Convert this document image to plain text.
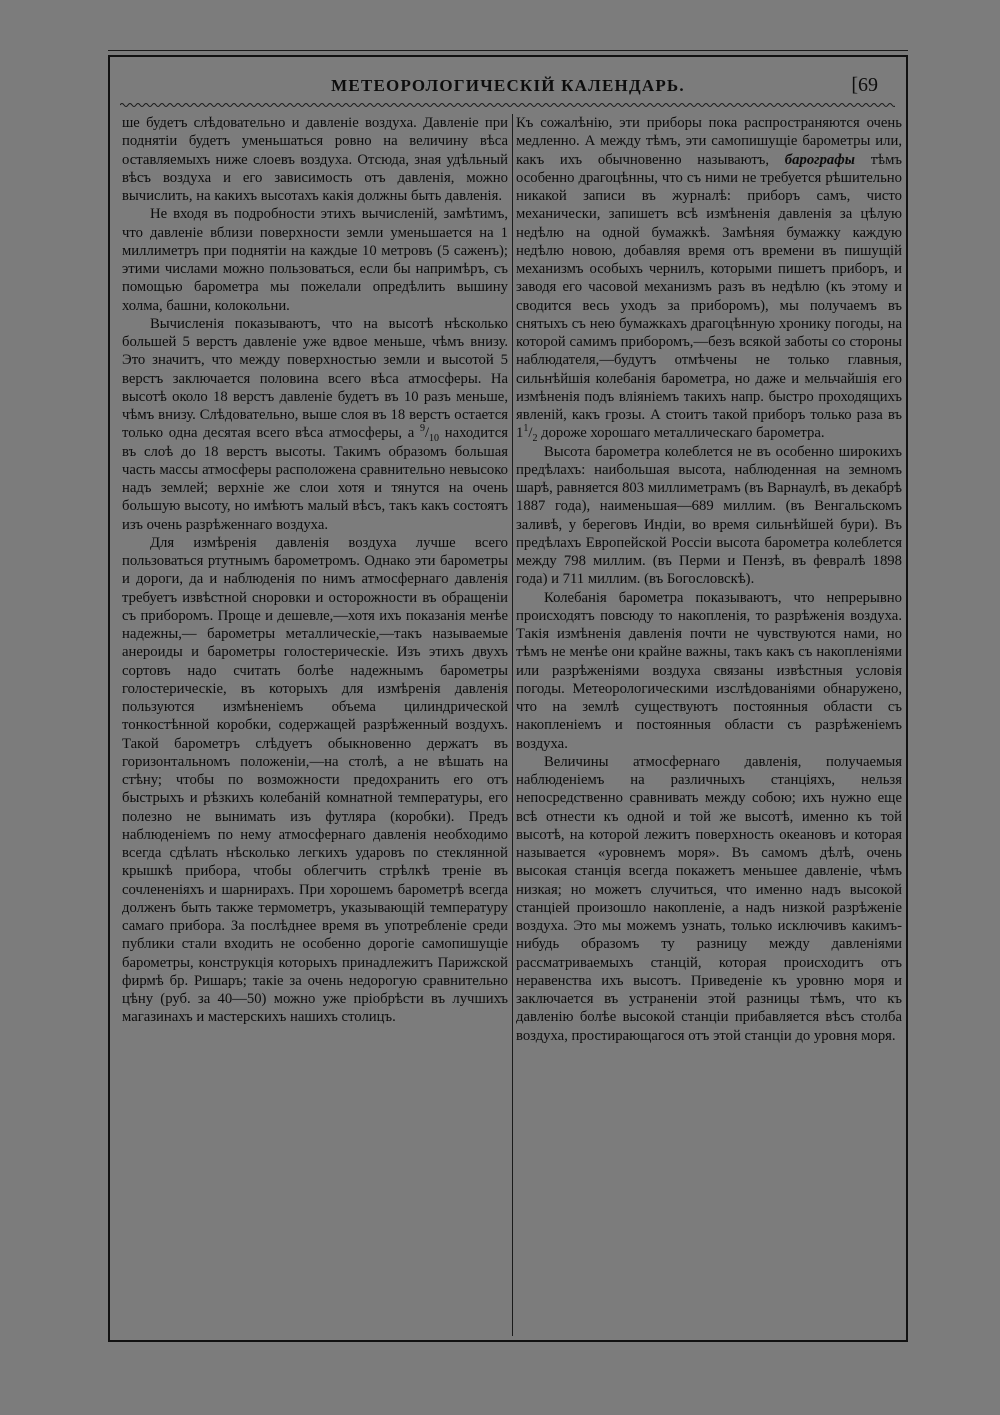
МЕТЕОРОЛОГИЧЕСКІЙ КАЛЕНДАРЬ.	[69

ше будетъ слѣдовательно и давленіе воздуха. Давленіе при поднятіи будетъ уменьшаться ровно на величину вѣса оставляемыхъ ниже слоевъ воздуха. Отсюда, зная удѣльный вѣсъ воздуха и его зависимость отъ давленія, можно вычислить, на какихъ высотахъ какія должны быть давленія.

Не входя въ подробности этихъ вычисленій, замѣтимъ, что давленіе вблизи поверхности земли уменьшается на 1 миллиметръ при поднятіи на каждые 10 метровъ (5 саженъ); этими числами можно пользоваться, если бы напримѣръ, съ помощью барометра мы пожелали опредѣлить вышину холма, башни, колокольни.

Вычисленія показываютъ, что на высотѣ нѣсколько большей 5 верстъ давленіе уже вдвое меньше, чѣмъ внизу. Это значитъ, что между поверхностью земли и высотой 5 верстъ заключается половина всего вѣса атмосферы. На высотѣ около 18 верстъ давленіе будетъ въ 10 разъ меньше, чѣмъ внизу. Слѣдовательно, выше слоя въ 18 верстъ остается только одна десятая всего вѣса атмосферы, а $^9/_{10}$ находится въ слоѣ до 18 верстъ высоты. Такимъ образомъ большая часть массы атмосферы расположена сравнительно невысоко надъ землей; верхніе же слои хотя и тянутся на очень большую высоту, но имѣютъ малый вѣсъ, такъ какъ состоятъ изъ очень разрѣженнаго воздуха.

Для измѣренія давленія воздуха лучше всего пользоваться ртутнымъ барометромъ. Однако эти барометры и дороги, да и наблюденія по нимъ атмосфернаго давленія требуетъ извѣстной сноровки и осторожности въ обращеніи съ приборомъ. Проще и дешевле,—хотя ихъ показанія менѣе надежны,— барометры металлическіе,—такъ называемые анероиды и барометры голостерическіе. Изъ этихъ двухъ сортовъ надо считать болѣе надежнымъ барометры голостерическіе, въ которыхъ для измѣренія давленія пользуются измѣненіемъ объема цилиндрической тонкостѣнной коробки, содержащей разрѣженный воздухъ. Такой барометръ слѣдуетъ обыкновенно держатъ въ горизонтальномъ положеніи,—на столѣ, а не вѣшать на стѣну; чтобы по возможности предохранить его отъ быстрыхъ и рѣзкихъ колебаній комнатной температуры, его полезно не вынимать изъ футляра (коробки). Предъ наблюденіемъ по нему атмосфернаго давленія необходимо всегда сдѣлать нѣсколько легкихъ ударовъ по стеклянной крышкѣ прибора, чтобы облегчить стрѣлкѣ треніе въ сочлененіяхъ и шарнирахъ. При хорошемъ барометрѣ всегда долженъ быть также термометръ, указывающій температуру самаго прибора. За послѣднее время въ употребленіе среди публики стали входить не особенно дорогіе самопишущіе барометры, конструкція которыхъ принадлежитъ Парижской фирмѣ бр. Ришаръ; такіе за очень недорогую сравнительно цѣну (руб. за 40—50) можно уже пріобрѣсти въ лучшихъ магазинахъ и мастерскихъ нашихъ столицъ.

Къ сожалѣнію, эти приборы пока распространяются очень медленно. А между тѣмъ, эти самопишущіе барометры или, какъ ихъ обычновенно называютъ, барографы тѣмъ особенно драгоцѣнны, что съ ними не требуется рѣшительно никакой записи въ журналѣ: приборъ самъ, чисто механически, запишетъ всѣ измѣненія давленія за цѣлую недѣлю на одной бумажкѣ. Замѣняя бумажку каждую недѣлю новою, добавляя время отъ времени въ пишущій механизмъ особыхъ чернилъ, которыми пишетъ приборъ, и заводя его часовой механизмъ разъ въ недѣлю (къ этому и сводится весь уходъ за приборомъ), мы получаемъ въ снятыхъ съ нею бумажкахъ драгоцѣнную хронику погоды, на которой самимъ приборомъ,—безъ всякой заботы со стороны наблюдателя,—будутъ отмѣчены не только главныя, сильнѣйшія колебанія барометра, но даже и мельчайшія его измѣненія подъ вліяніемъ такихъ напр. быстро проходящихъ явленій, какъ грозы. А стоитъ такой приборъ только раза въ $1^1/_2$ дороже хорошаго металлическаго барометра.

Высота барометра колеблется не въ особенно широкихъ предѣлахъ: наибольшая высота, наблюденная на земномъ шарѣ, равняется 803 миллиметрамъ (въ Варнаулѣ, въ декабрѣ 1887 года), наименьшая—689 миллим. (въ Венгальскомъ заливѣ, у береговъ Индіи, во время сильнѣйшей бури). Въ предѣлахъ Европейской Россіи высота барометра колеблется между 798 миллим. (въ Перми и Пензѣ, въ февралѣ 1898 года) и 711 миллим. (въ Богословскѣ).

Колебанія барометра показываютъ, что непрерывно происходятъ повсюду то накопленія, то разрѣженія воздуха. Такія измѣненія давленія почти не чувствуются нами, но тѣмъ не менѣе они крайне важны, такъ какъ съ накопленіями или разрѣженіями воздуха связаны извѣстныя условія погоды. Метеорологическими изслѣдованіями обнаружено, что на землѣ существуютъ постоянныя области съ накопленіемъ и постоянныя области съ разрѣженіемъ воздуха.

Величины атмосфернаго давленія, получаемыя наблюденіемъ на различныхъ станціяхъ, нельзя непосредственно сравнивать между собою; ихъ нужно еще всѣ отнести къ одной и той же высотѣ, именно къ той высотѣ, на которой лежитъ поверхность океановъ и которая называется «уровнемъ моря». Въ самомъ дѣлѣ, очень высокая станція всегда покажетъ меньшее давленіе, чѣмъ низкая; но можетъ случиться, что именно надъ высокой станціей произошло накопленіе, а надъ низкой разрѣженіе воздуха. Это мы можемъ узнать, только исключивъ какимъ-нибудь образомъ ту разницу между давленіями рассматриваемыхъ станцій, которая происходитъ отъ неравенства ихъ высотъ. Приведеніе къ уровню моря и заключается въ устраненіи этой разницы тѣмъ, что къ давленію болѣе высокой станціи прибавляется вѣсъ столба воздуха, простирающагося отъ этой станціи до уровня моря.
